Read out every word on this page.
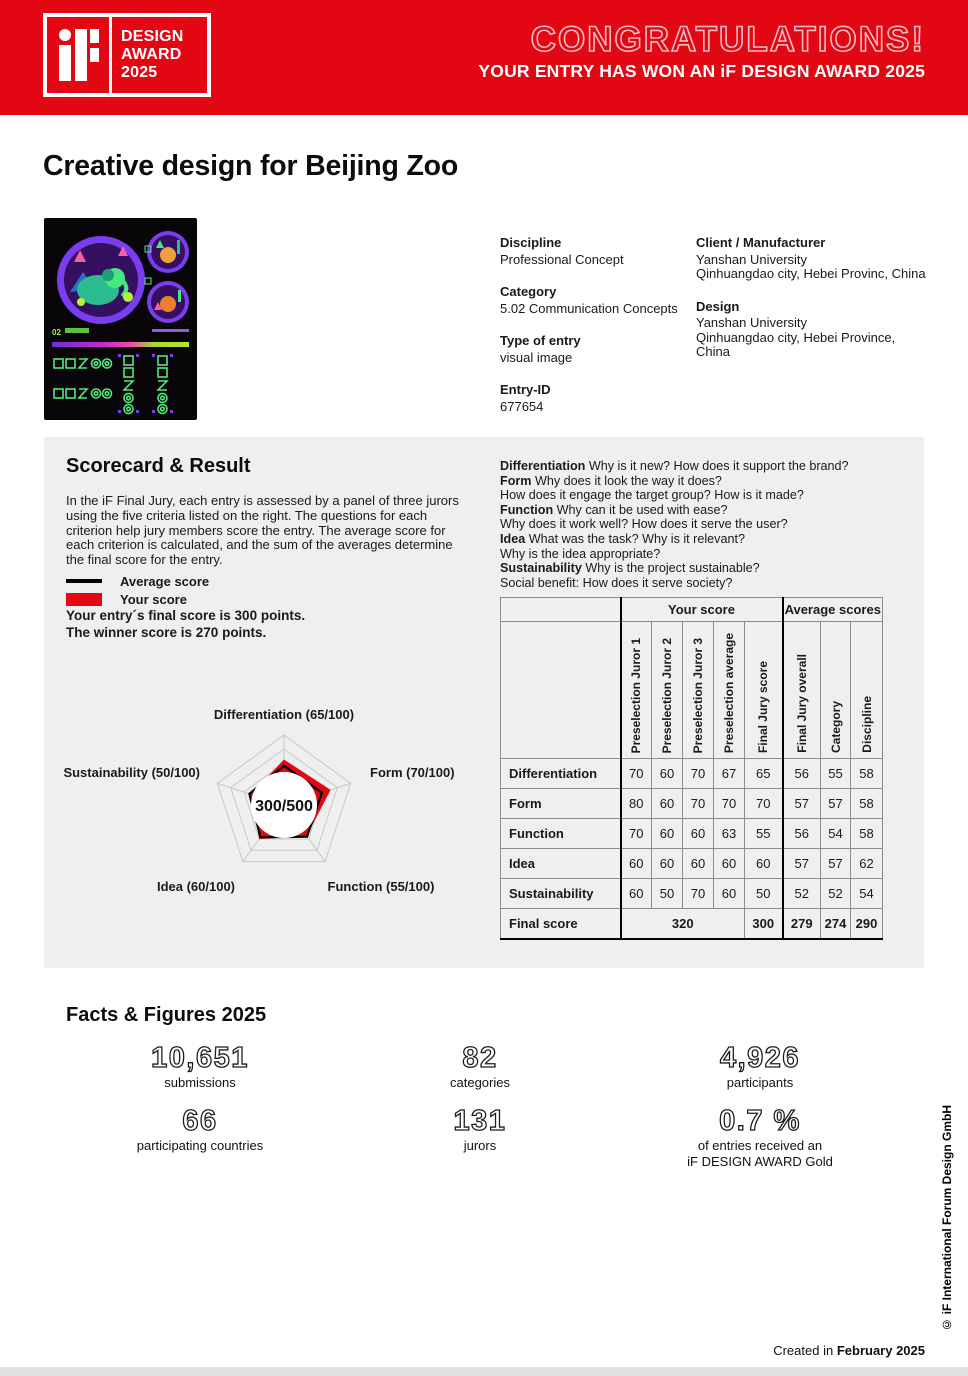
DESIGN
AWARD
2025
CONGRATULATIONS!
YOUR ENTRY HAS WON AN iF DESIGN AWARD 2025
Creative design for Beijing Zoo
02
Discipline
Professional Concept
Category
5.02 Communication Concepts
Type of entry
visual image
Entry-ID
677654
Client / Manufacturer
Yanshan University
Qinhuangdao city, Hebei Provinc, China
Design
Yanshan University
Qinhuangdao city, Hebei Province, China
Scorecard & Result

In the iF Final Jury, each entry is assessed by a panel of three jurors using the five criteria listed on the right. The questions for each criterion help jury members score the entry. The average score for each criterion is calculated, and the sum of the averages determine the final score for the entry.

Average score
Your score
Your entry´s final score is 300 points.
The winner score is 270 points.
300/500
Differentiation (65/100)
Form (70/100)
Function (55/100)
Idea (60/100)
Sustainability (50/100)
Differentiation Why is it new? How does it support the brand?
Form Why does it look the way it does?
How does it engage the target group? How is it made?
Function Why can it be used with ease?
Why does it work well? How does it serve the user?
Idea What was the task? Why is it relevant?
Why is the idea appropriate?
Sustainability Why is the project sustainable?
Social benefit: How does it serve society?
	Your score					Average scores		
	Preselection Juror 1	Preselection Juror 2	Preselection Juror 3	Preselection average	Final Jury score	Final Jury overall	Category	Discipline
Differentiation	70	60	70	67	65	56	55	58
Form	80	60	70	70	70	57	57	58
Function	70	60	60	63	55	56	54	58
Idea	60	60	60	60	60	57	57	62
Sustainability	60	50	70	60	50	52	52	54
Final score	320				300	279	274	290
Facts & Figures 2025
10,651
submissions
82
categories
4,926
participants
66
participating countries
131
jurors
0.7 %
of entries received an
iF DESIGN AWARD Gold	© iF International Forum Design GmbH
Created in February 2025
